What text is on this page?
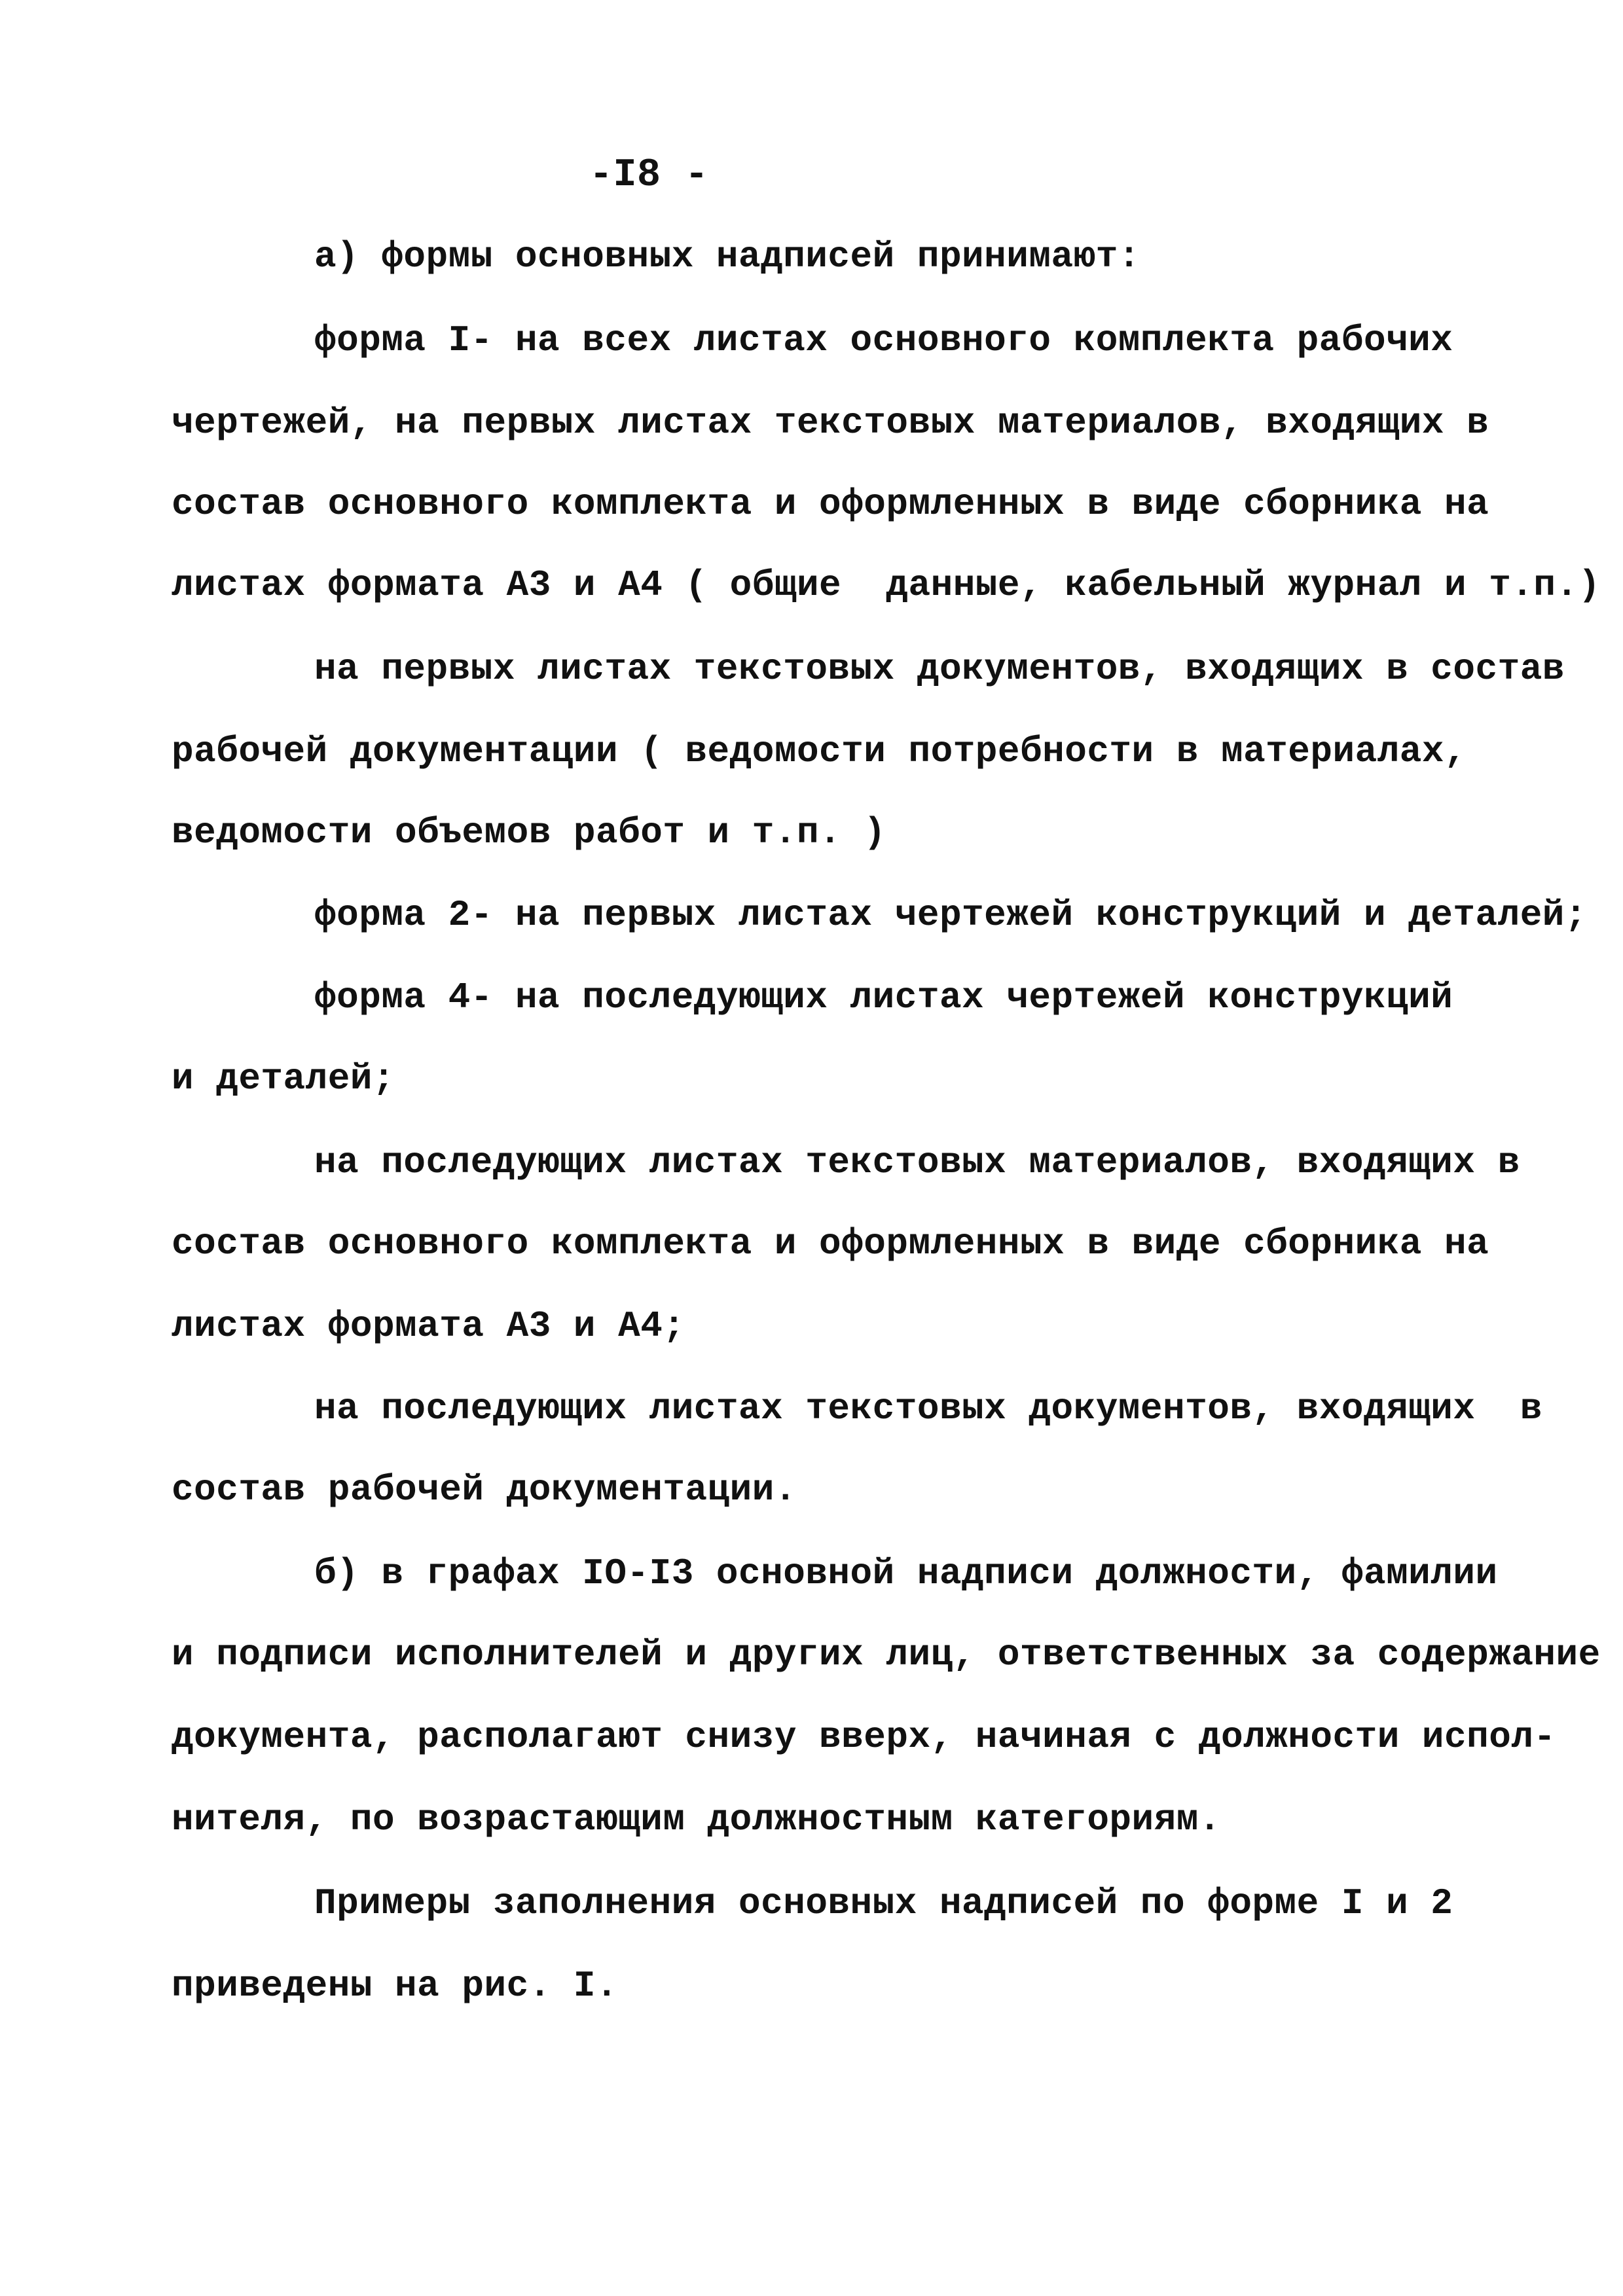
-I8 -
а) формы основных надписей принимают:
форма I- на всех листах основного комплекта рабочих
чертежей, на первых листах текстовых материалов, входящих в
состав основного комплекта и оформленных в виде сборника на
листах формата А3 и А4 ( общие  данные, кабельный журнал и т.п.)
на первых листах текстовых документов, входящих в состав
рабочей документации ( ведомости потребности в материалах,
ведомости объемов работ и т.п. )
форма 2- на первых листах чертежей конструкций и деталей;
форма 4- на последующих листах чертежей конструкций
и деталей;
на последующих листах текстовых материалов, входящих в
состав основного комплекта и оформленных в виде сборника на
листах формата А3 и А4;
на последующих листах текстовых документов, входящих  в
состав рабочей документации.
б) в графах IO-I3 основной надписи должности, фамилии
и подписи исполнителей и других лиц, ответственных за содержание
документа, располагают снизу вверх, начиная с должности испол-
нителя, по возрастающим должностным категориям.
Примеры заполнения основных надписей по форме I и 2
приведены на рис. I.
